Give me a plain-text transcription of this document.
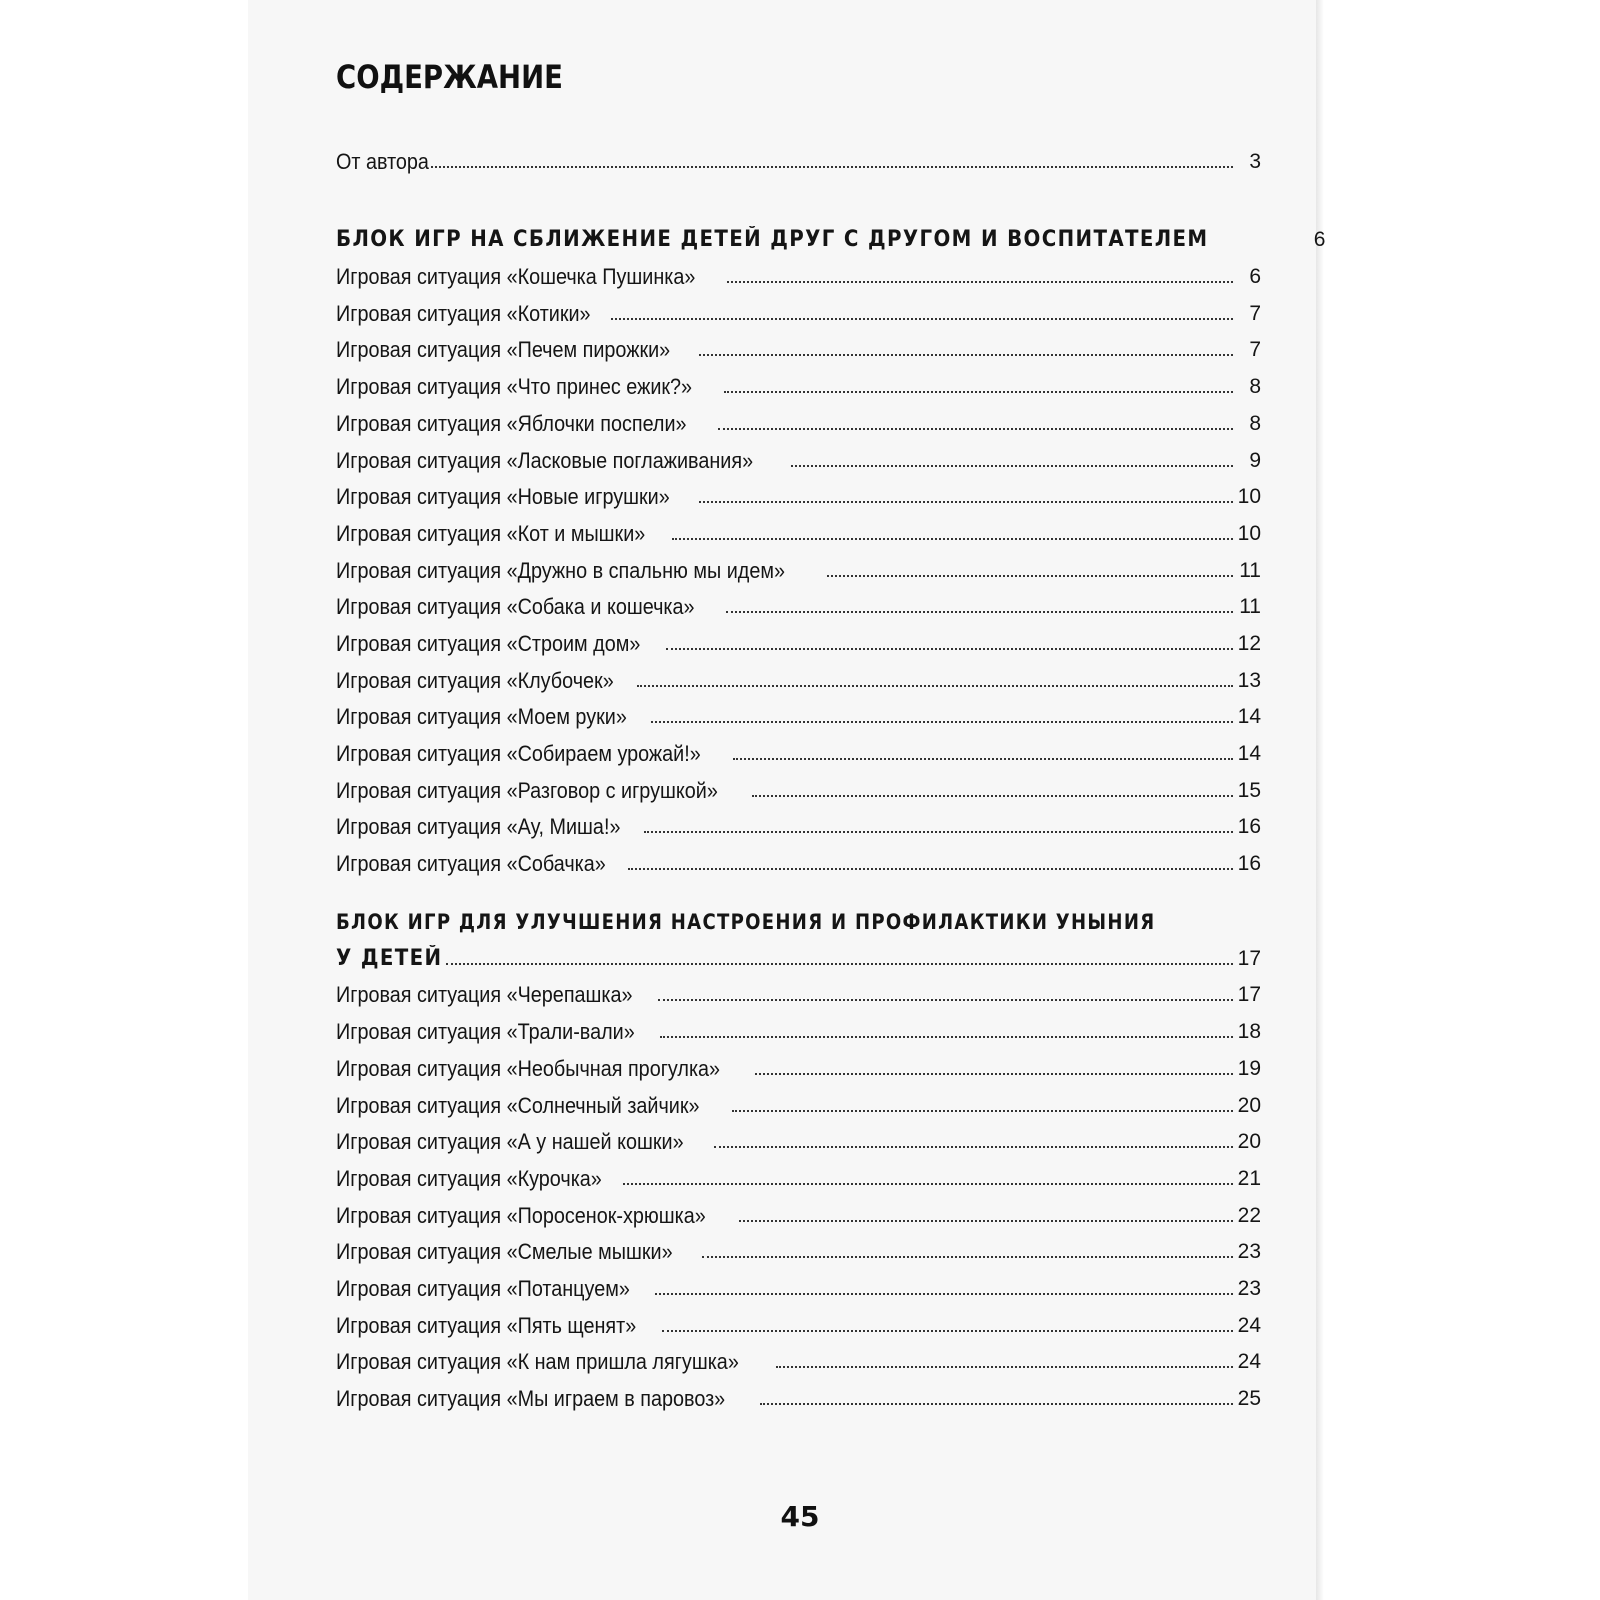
СОДЕРЖАНИЕ
От автора	3
БЛОК ИГР НА СБЛИЖЕНИЕ ДЕТЕЙ ДРУГ С ДРУГОМ И ВОСПИТАТЕЛЕМ	6
Игровая ситуация «Кошечка Пушинка»	6
Игровая ситуация «Котики»	7
Игровая ситуация «Печем пирожки»	7
Игровая ситуация «Что принес ежик?»	8
Игровая ситуация «Яблочки поспели»	8
Игровая ситуация «Ласковые поглаживания»	9
Игровая ситуация «Новые игрушки»	10
Игровая ситуация «Кот и мышки»	10
Игровая ситуация «Дружно в спальню мы идем»	11
Игровая ситуация «Собака и кошечка»	11
Игровая ситуация «Строим дом»	12
Игровая ситуация «Клубочек»	13
Игровая ситуация «Моем руки»	14
Игровая ситуация «Собираем урожай!»	14
Игровая ситуация «Разговор с игрушкой»	15
Игровая ситуация «Ау, Миша!»	16
Игровая ситуация «Собачка»	16
БЛОК ИГР ДЛЯ УЛУЧШЕНИЯ НАСТРОЕНИЯ И ПРОФИЛАКТИКИ УНЫНИЯ
У ДЕТЕЙ	17
Игровая ситуация «Черепашка»	17
Игровая ситуация «Трали-вали»	18
Игровая ситуация «Необычная прогулка»	19
Игровая ситуация «Солнечный зайчик»	20
Игровая ситуация «А у нашей кошки»	20
Игровая ситуация «Курочка»	21
Игровая ситуация «Поросенок-хрюшка»	22
Игровая ситуация «Смелые мышки»	23
Игровая ситуация «Потанцуем»	23
Игровая ситуация «Пять щенят»	24
Игровая ситуация «К нам пришла лягушка»	24
Игровая ситуация «Мы играем в паровоз»	25
45
